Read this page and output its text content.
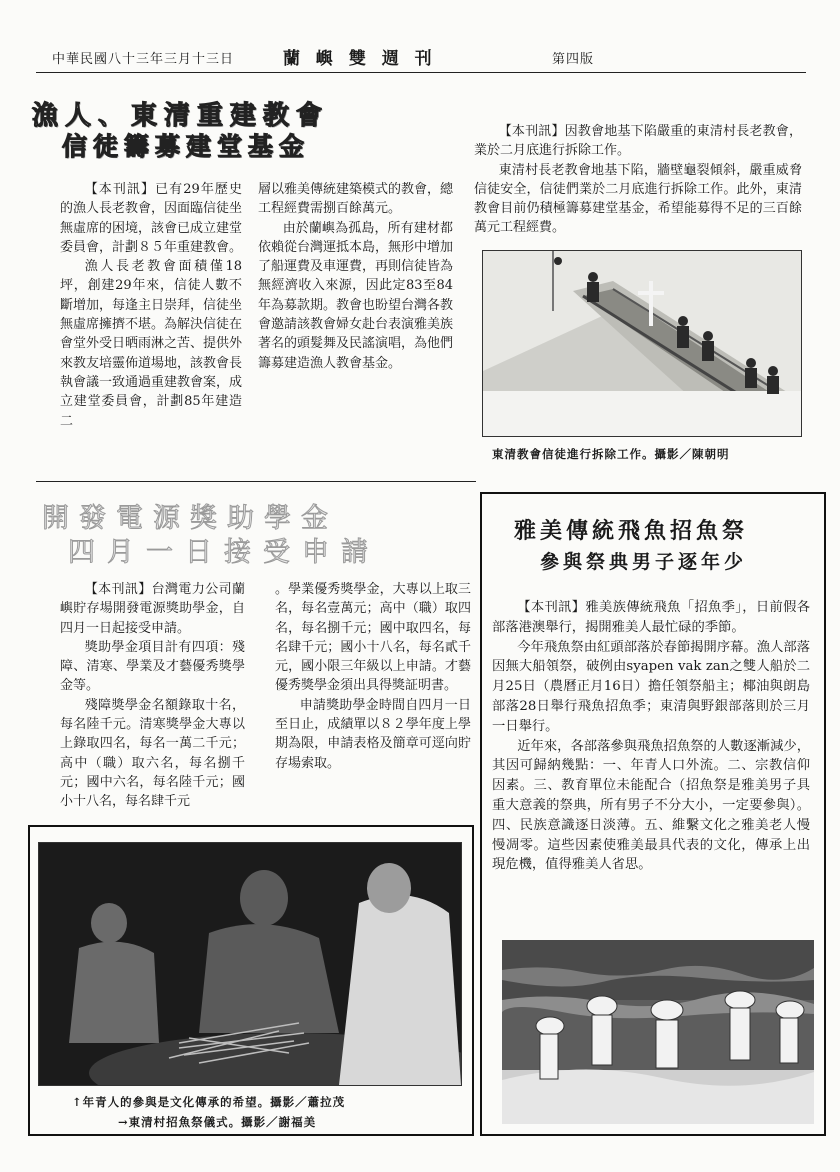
中華民國八十三年三月十三日	蘭 嶼 雙 週 刊	第四版
漁人、東清重建教會
信徒籌募建堂基金

【本刊訊】已有29年歷史的漁人長老教會，因面臨信徒坐無虛席的困境，該會已成立建堂委員會，計劃８５年重建教會。

漁人長老教會面積僅18坪，創建29年來，信徒人數不斷增加，每逢主日崇拜，信徒坐無虛席擁擠不堪。為解決信徒在會堂外受日晒雨淋之苦、提供外來教友培靈佈道場地，該教會長執會議一致通過重建教會案，成立建堂委員會，計劃85年建造二

層以雅美傳統建築模式的教會，總工程經費需捌百餘萬元。

由於蘭嶼為孤島，所有建材都依賴從台灣運抵本島，無形中增加了船運費及車運費，再則信徒皆為無經濟收入來源，因此定83至84年為募款期。教會也盼望台灣各教會邀請該教會婦女赴台表演雅美族著名的頭髮舞及民謠演唱，為他們籌募建造漁人教會基金。

【本刊訊】因教會地基下陷嚴重的東清村長老教會，業於二月底進行拆除工作。

東清村長老教會地基下陷，牆壁龜裂傾斜，嚴重威脅信徒安全，信徒們業於二月底進行拆除工作。此外，東清教會目前仍積極籌募建堂基金，希望能募得不足的三百餘萬元工程經費。

東清教會信徒進行拆除工作。攝影／陳朝明
開發電源獎助學金
四月一日接受申請

【本刊訊】台灣電力公司蘭嶼貯存場開發電源獎助學金，自四月一日起接受申請。

獎助學金項目計有四項：殘障、清寒、學業及才藝優秀獎學金等。

殘障獎學金名額錄取十名，每名陸千元。清寒獎學金大專以上錄取四名，每名一萬二千元；高中（職）取六名，每名捌千元；國中六名，每名陸千元；國小十八名，每名肆千元

。學業優秀獎學金，大專以上取三名，每名壹萬元；高中（職）取四名，每名捌千元；國中取四名，每名肆千元；國小十八名，每名貳千元，國小限三年級以上申請。才藝優秀獎學金須出具得獎証明書。

申請獎助學金時間自四月一日至日止，成績單以８２學年度上學期為限，申請表格及簡章可逕向貯存場索取。

雅美傳統飛魚招魚祭
參與祭典男子逐年少

【本刊訊】雅美族傳統飛魚「招魚季」，日前假各部落港澳舉行，揭開雅美人最忙碌的季節。

今年飛魚祭由紅頭部落於春節揭開序幕。漁人部落因無大船領祭，破例由syapen vak zan之雙人船於二月25日（農曆正月16日）擔任領祭船主；椰油與朗島部落28日舉行飛魚招魚季；東清與野銀部落則於三月一日舉行。

近年來，各部落參與飛魚招魚祭的人數逐漸減少，其因可歸納幾點：一、年青人口外流。二、宗教信仰因素。三、教育單位未能配合（招魚祭是雅美男子具重大意義的祭典，所有男子不分大小，一定要參與）。四、民族意識逐日淡薄。五、維繫文化之雅美老人慢慢凋零。這些因素使雅美最具代表的文化，傳承上出現危機，值得雅美人省思。

↑年青人的參與是文化傳承的希望。攝影／蕭拉茂
→東清村招魚祭儀式。攝影／謝福美
